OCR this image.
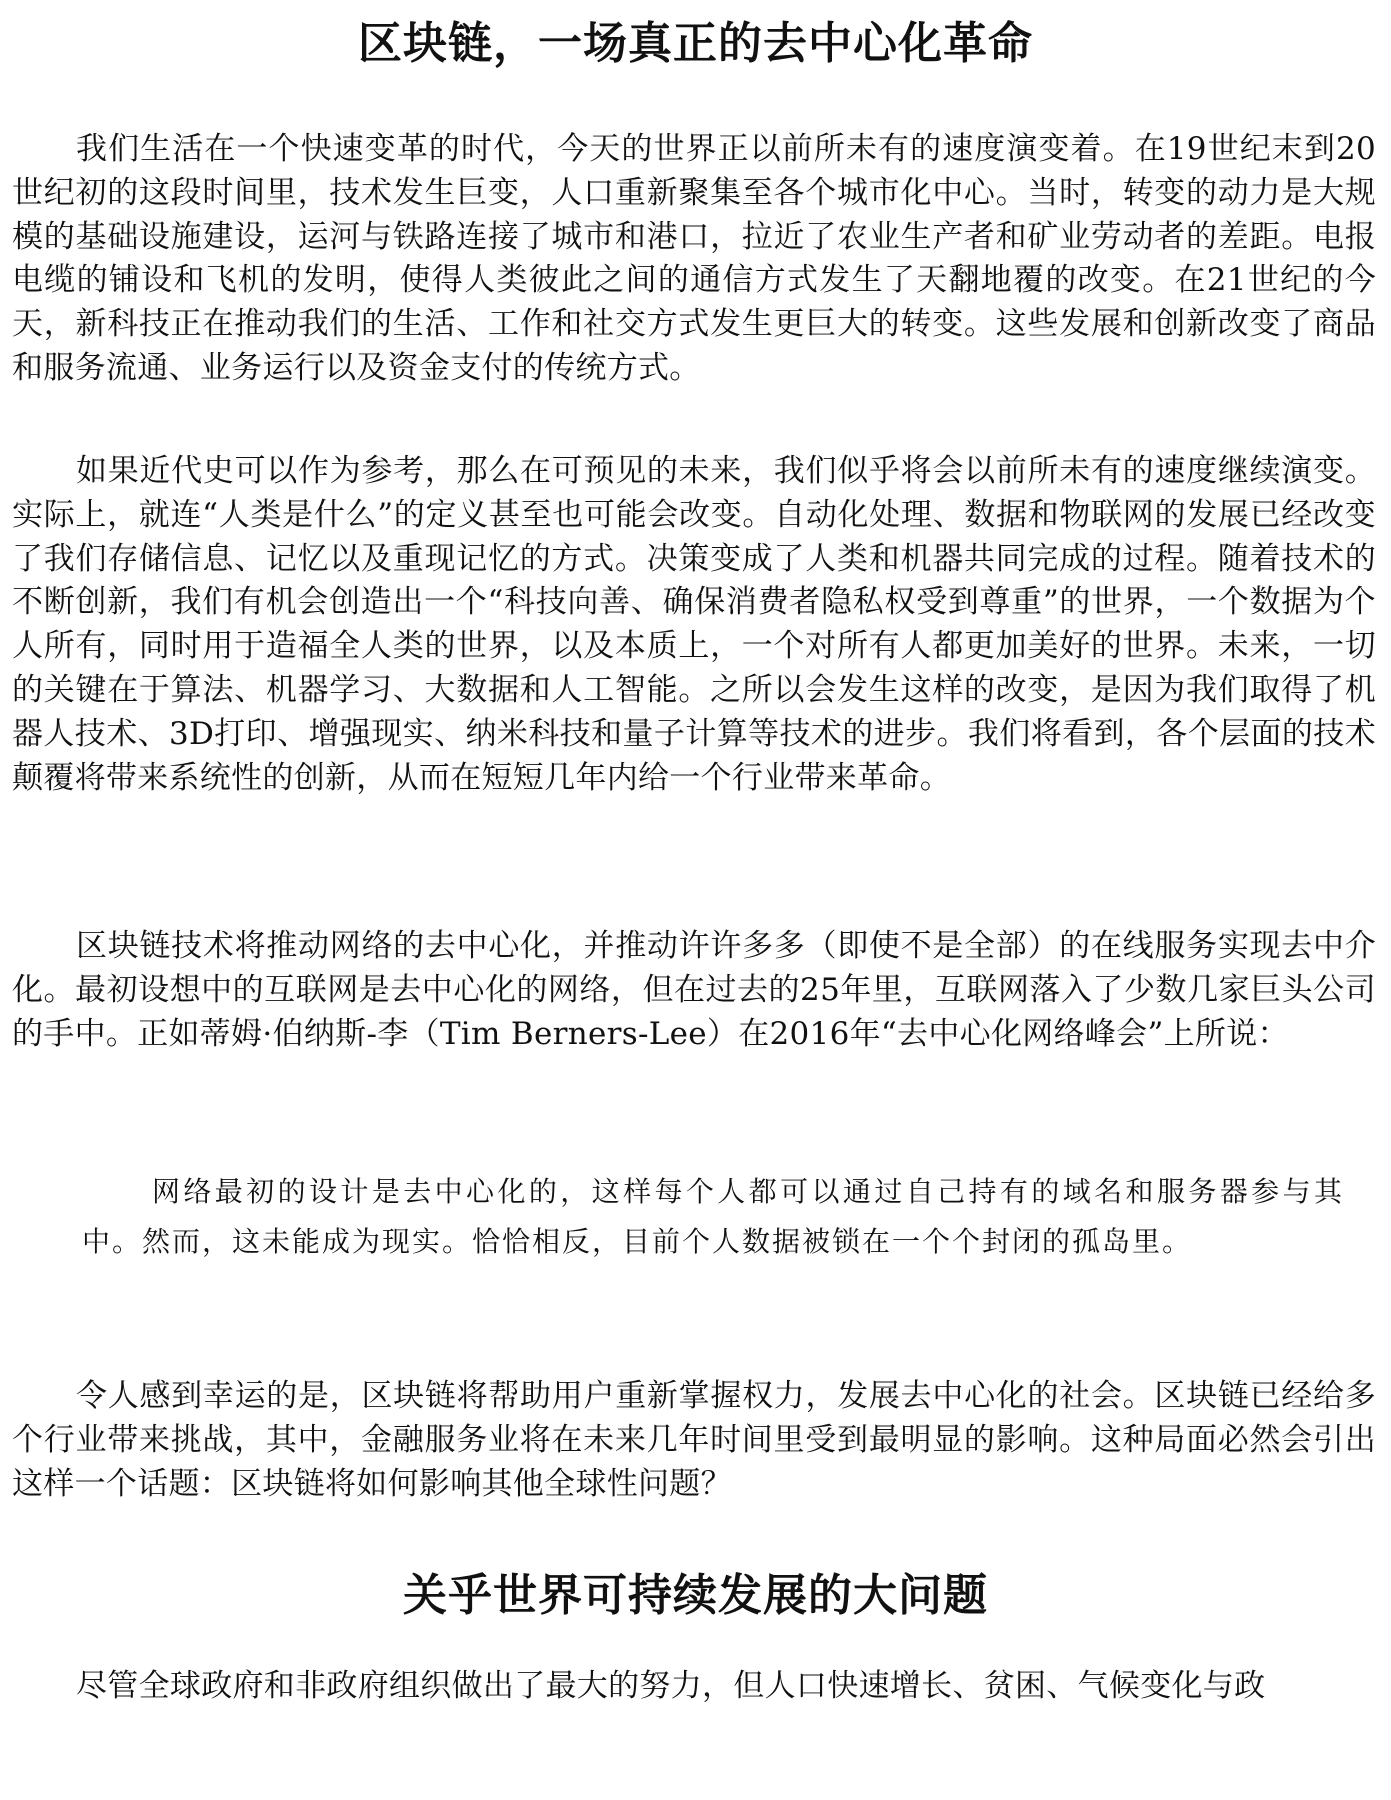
区块链，一场真正的去中心化革命

我们生活在一个快速变革的时代，今天的世界正以前所未有的速度演变着。在19世纪末到20世纪初的这段时间里，技术发生巨变，人口重新聚集至各个城市化中心。当时，转变的动力是大规模的基础设施建设，运河与铁路连接了城市和港口，拉近了农业生产者和矿业劳动者的差距。电报电缆的铺设和飞机的发明，使得人类彼此之间的通信方式发生了天翻地覆的改变。在21世纪的今天，新科技正在推动我们的生活、工作和社交方式发生更巨大的转变。这些发展和创新改变了商品和服务流通、业务运行以及资金支付的传统方式。

如果近代史可以作为参考，那么在可预见的未来，我们似乎将会以前所未有的速度继续演变。实际上，就连“人类是什么”的定义甚至也可能会改变。自动化处理、数据和物联网的发展已经改变了我们存储信息、记忆以及重现记忆的方式。决策变成了人类和机器共同完成的过程。随着技术的不断创新，我们有机会创造出一个“科技向善、确保消费者隐私权受到尊重”的世界，一个数据为个人所有，同时用于造福全人类的世界，以及本质上，一个对所有人都更加美好的世界。未来，一切的关键在于算法、机器学习、大数据和人工智能。之所以会发生这样的改变，是因为我们取得了机器人技术、3D打印、增强现实、纳米科技和量子计算等技术的进步。我们将看到，各个层面的技术颠覆将带来系统性的创新，从而在短短几年内给一个行业带来革命。

区块链技术将推动网络的去中心化，并推动许许多多（即使不是全部）的在线服务实现去中介化。最初设想中的互联网是去中心化的网络，但在过去的25年里，互联网落入了少数几家巨头公司的手中。正如蒂姆·伯纳斯-李（Tim Berners-Lee）在2016年“去中心化网络峰会”上所说：

网络最初的设计是去中心化的，这样每个人都可以通过自己持有的域名和服务器参与其中。然而，这未能成为现实。恰恰相反，目前个人数据被锁在一个个封闭的孤岛里。

令人感到幸运的是，区块链将帮助用户重新掌握权力，发展去中心化的社会。区块链已经给多个行业带来挑战，其中，金融服务业将在未来几年时间里受到最明显的影响。这种局面必然会引出这样一个话题：区块链将如何影响其他全球性问题？

关乎世界可持续发展的大问题

尽管全球政府和非政府组织做出了最大的努力，但人口快速增长、贫困、气候变化与政
